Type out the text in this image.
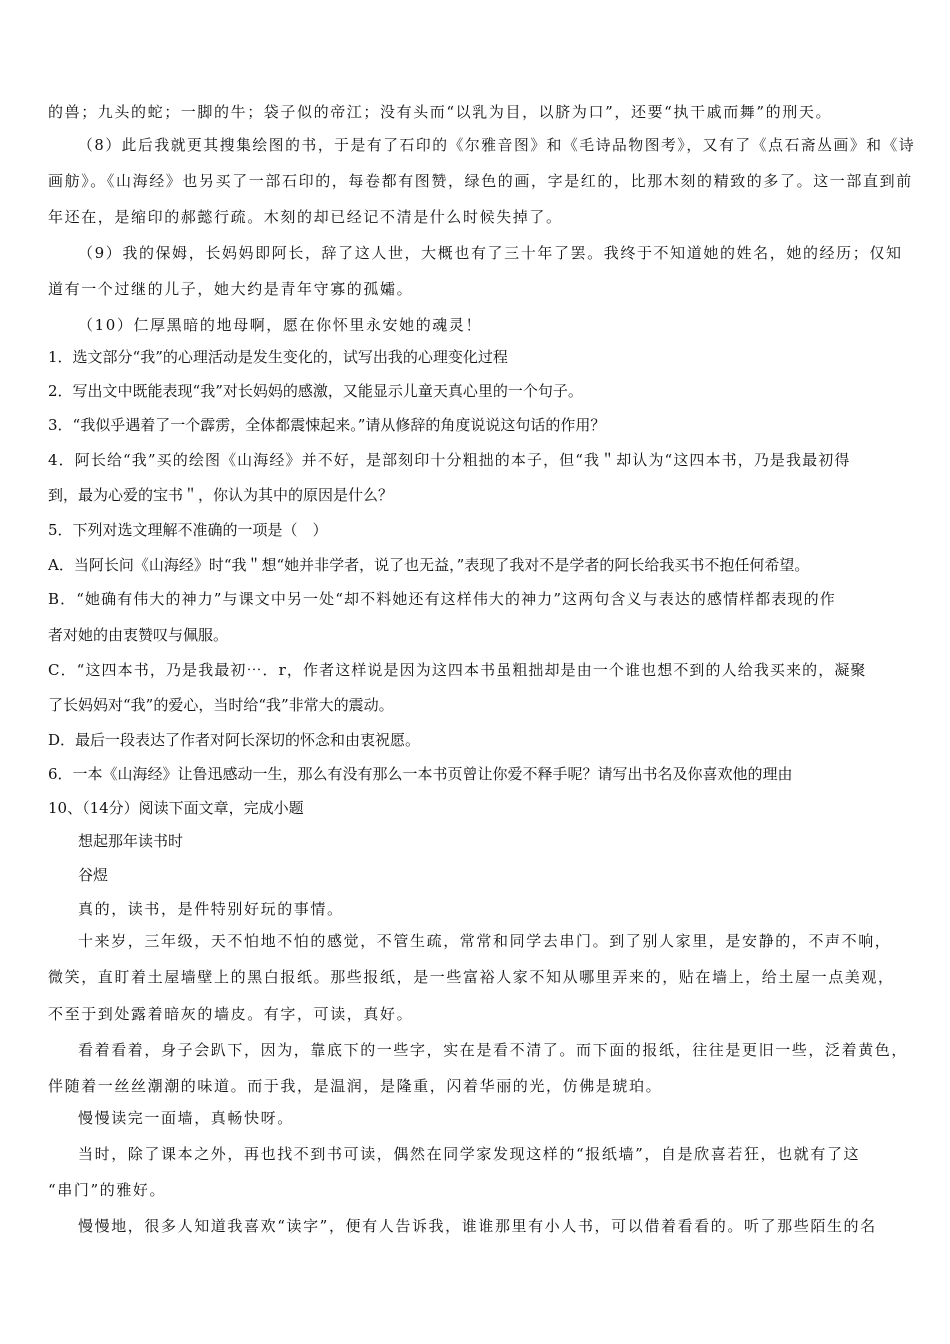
的兽；九头的蛇；一脚的牛；袋子似的帝江；没有头而“以乳为目，以脐为口”，还要“执干戚而舞”的刑天。
（8）此后我就更其搜集绘图的书，于是有了石印的《尔雅音图》和《毛诗品物图考》，又有了《点石斋丛画》和《诗
画舫》。《山海经》也另买了一部石印的，每卷都有图赞，绿色的画，字是红的，比那木刻的精致的多了。这一部直到前
年还在，是缩印的郝懿行疏。木刻的却已经记不清是什么时候失掉了。
（9）我的保姆，长妈妈即阿长，辞了这人世，大概也有了三十年了罢。我终于不知道她的姓名，她的经历；仅知
道有一个过继的儿子，她大约是青年守寡的孤孀。
（10）仁厚黑暗的地母啊，愿在你怀里永安她的魂灵！
1．选文部分“我”的心理活动是发生变化的，试写出我的心理变化过程
2．写出文中既能表现“我”对长妈妈的感激，又能显示儿童天真心里的一个句子。
3．“我似乎遇着了一个霹雳，全体都震悚起来。”请从修辞的角度说说这句话的作用？
4．阿长给“我”买的绘图《山海经》并不好，是部刻印十分粗拙的本子，但“我＂却认为“这四本书，乃是我最初得
到，最为心爱的宝书＂，你认为其中的原因是什么？
5．下列对选文理解不准确的一项是（　）
A．当阿长问《山海经》时“我＂想“她并非学者，说了也无益，”表现了我对不是学者的阿长给我买书不抱任何希望。
B．“她确有伟大的神力”与课文中另一处“却不料她还有这样伟大的神力”这两句含义与表达的感情样都表现的作
者对她的由衷赞叹与佩服。
C．“这四本书，乃是我最初⋯．r，作者这样说是因为这四本书虽粗拙却是由一个谁也想不到的人给我买来的，凝聚
了长妈妈对“我”的爱心，当时给“我”非常大的震动。
D．最后一段表达了作者对阿长深切的怀念和由衷祝愿。
6．一本《山海经》让鲁迅感动一生，那么有没有那么一本书页曾让你爱不释手呢？请写出书名及你喜欢他的理由
10、（14分）阅读下面文章，完成小题
想起那年读书时
谷煜
真的，读书，是件特别好玩的事情。
十来岁，三年级，天不怕地不怕的感觉，不管生疏，常常和同学去串门。到了别人家里，是安静的，不声不响，
微笑，直盯着土屋墙壁上的黑白报纸。那些报纸，是一些富裕人家不知从哪里弄来的，贴在墙上，给土屋一点美观，
不至于到处露着暗灰的墙皮。有字，可读，真好。
看着看着，身子会趴下，因为，靠底下的一些字，实在是看不清了。而下面的报纸，往往是更旧一些，泛着黄色，
伴随着一丝丝潮潮的味道。而于我，是温润，是隆重，闪着华丽的光，仿佛是琥珀。
慢慢读完一面墙，真畅快呀。
当时，除了课本之外，再也找不到书可读，偶然在同学家发现这样的“报纸墙”，自是欣喜若狂，也就有了这
“串门”的雅好。
慢慢地，很多人知道我喜欢“读字”，便有人告诉我，谁谁那里有小人书，可以借着看看的。听了那些陌生的名
